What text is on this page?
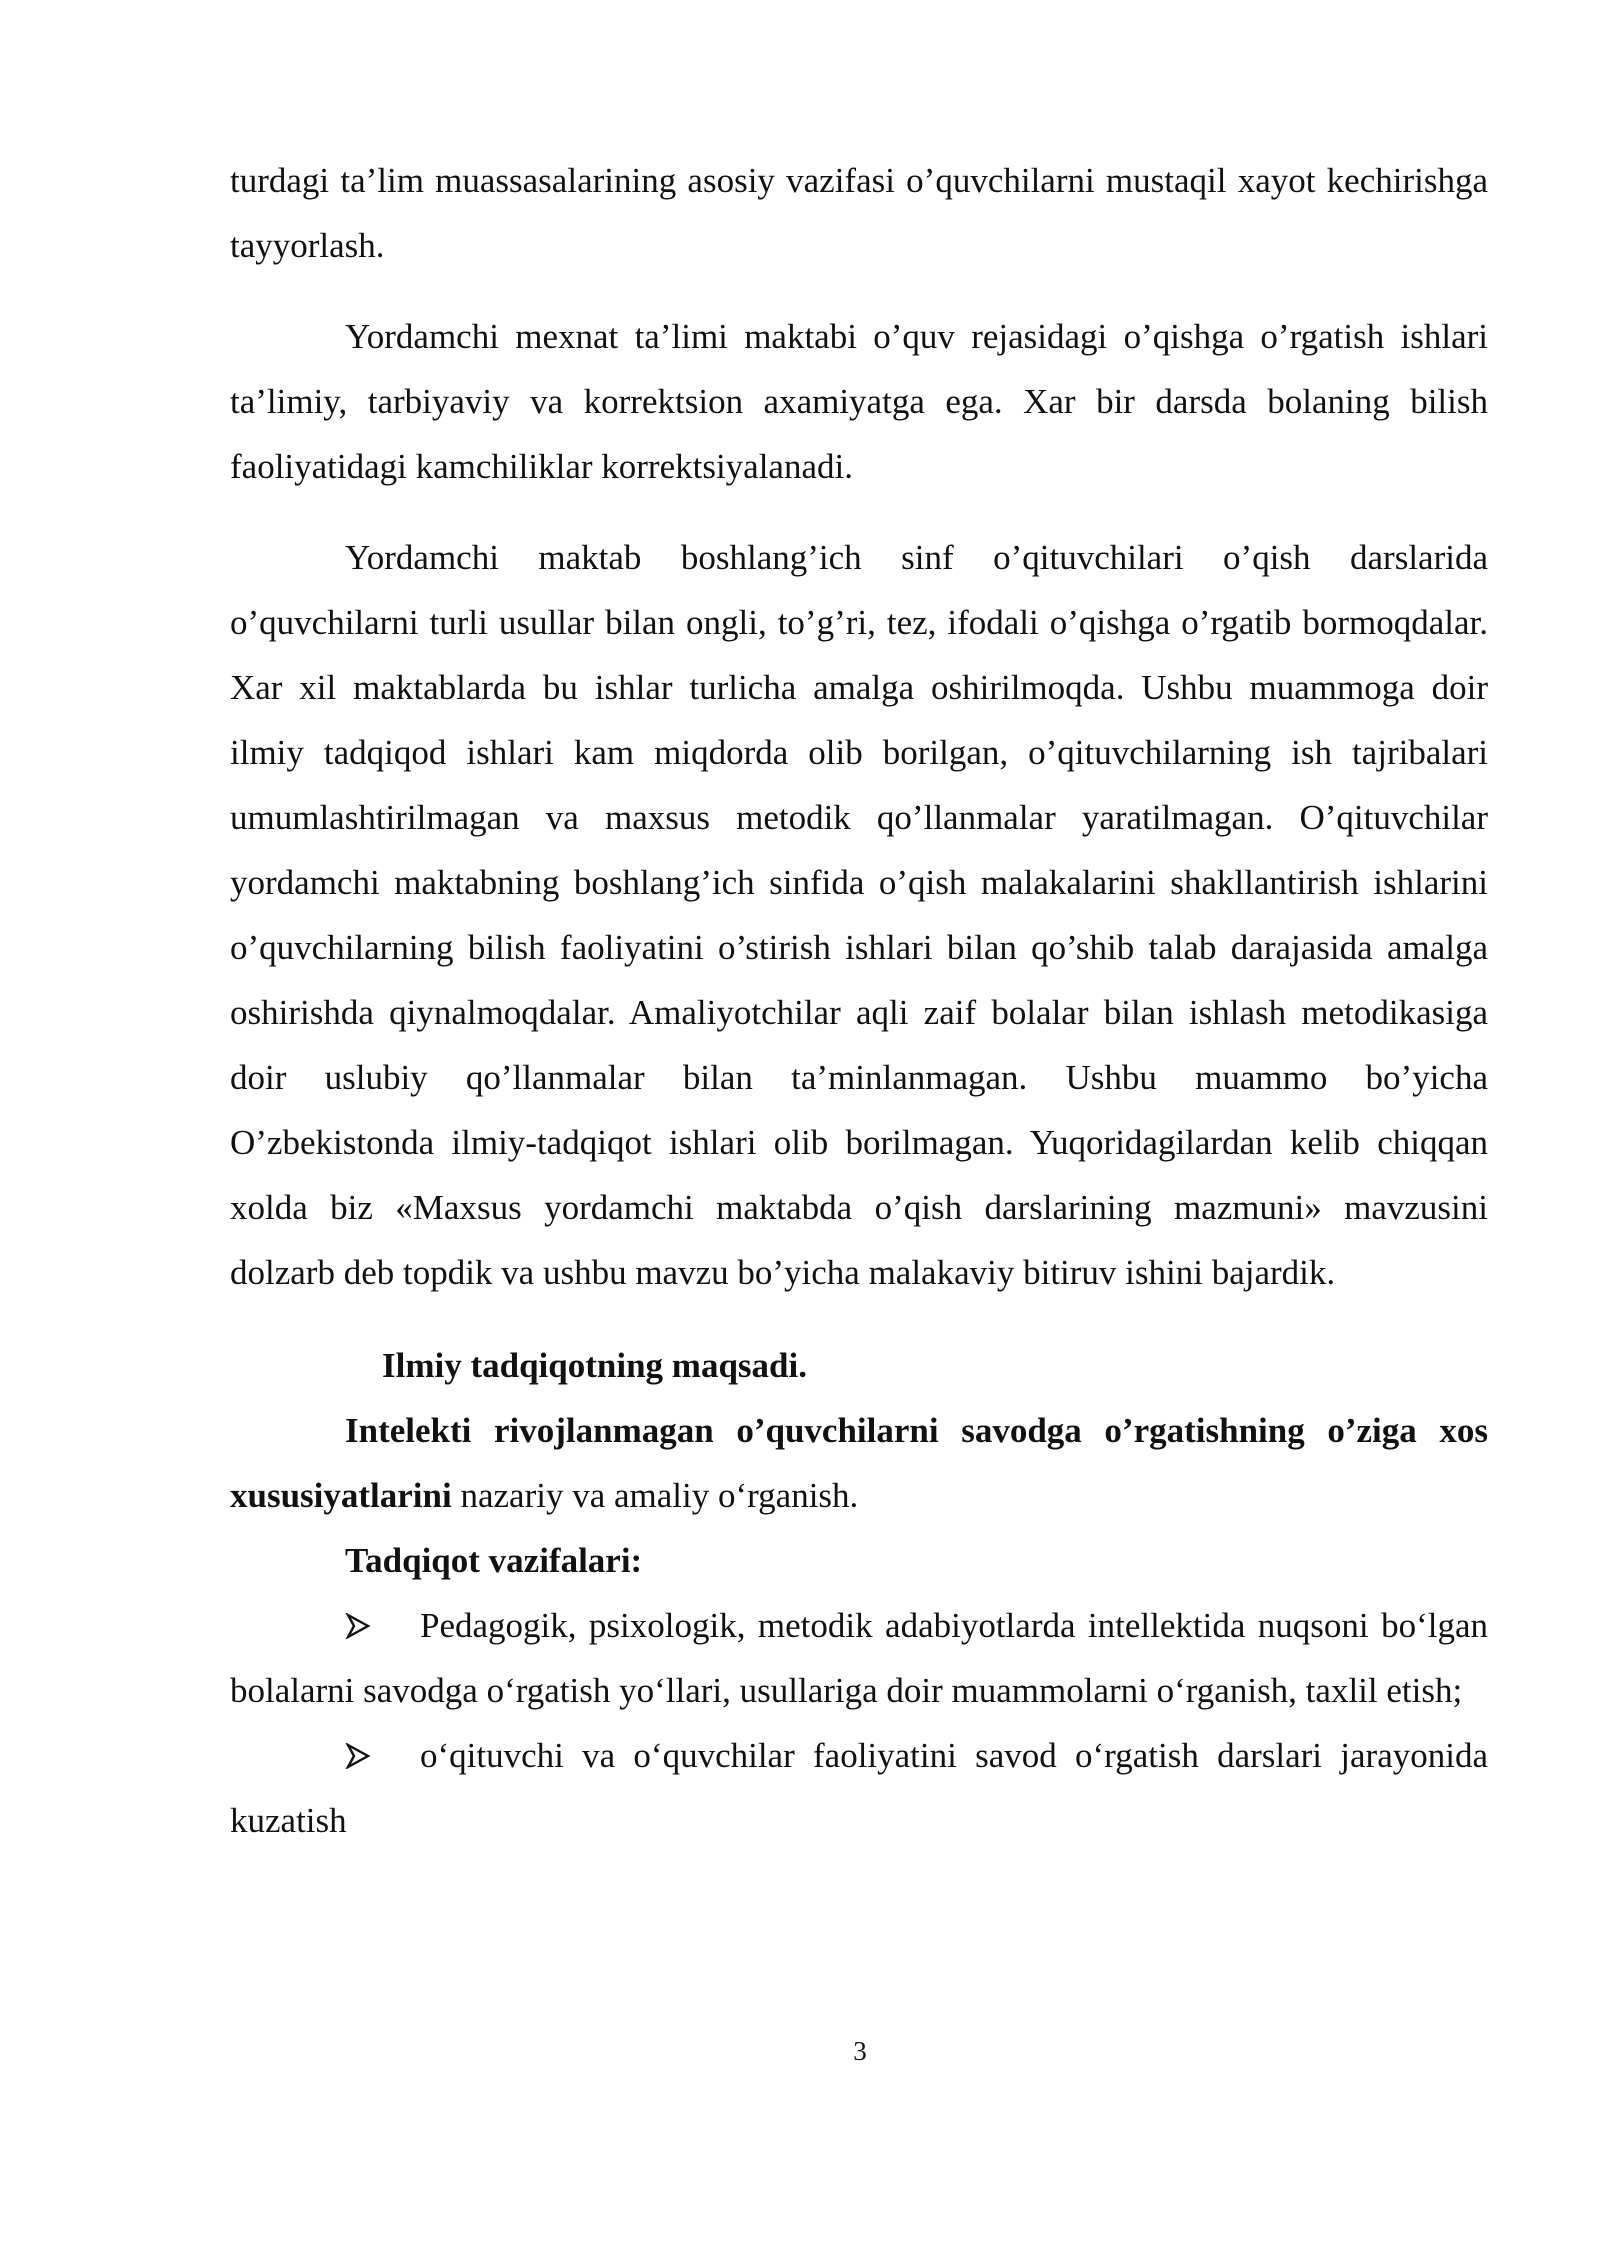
turdagi ta’lim muassasalarining asosiy vazifasi o’quvchilarni mustaqil xayot kechirishga tayyorlash.

Yordamchi mexnat ta’limi maktabi o’quv rejasidagi o’qishga o’rgatish ishlari ta’limiy, tarbiyaviy va korrektsion axamiyatga ega. Xar bir darsda bolaning bilish faoliyatidagi kamchiliklar korrektsiyalanadi.

Yordamchi maktab boshlang’ich sinf o’qituvchilari o’qish darslarida o’quvchilarni turli usullar bilan ongli, to’g’ri, tez, ifodali o’qishga o’rgatib bormoqdalar. Xar xil maktablarda bu ishlar turlicha amalga oshirilmoqda. Ushbu muammoga doir ilmiy tadqiqod ishlari kam miqdorda olib borilgan, o’qituvchilarning ish tajribalari umumlashtirilmagan va maxsus metodik qo’llanmalar yaratilmagan. O’qituvchilar yordamchi maktabning boshlang’ich sinfida o’qish malakalarini shakllantirish ishlarini o’quvchilarning bilish faoliyatini o’stirish ishlari bilan qo’shib talab darajasida amalga oshirishda qiynalmoqdalar. Amaliyotchilar aqli zaif bolalar bilan ishlash metodikasiga doir uslubiy qo’llanmalar bilan ta’minlanmagan. Ushbu muammo bo’yicha O’zbekistonda ilmiy-tadqiqot ishlari olib borilmagan. Yuqoridagilardan kelib chiqqan xolda biz «Maxsus yordamchi maktabda o’qish darslarining mazmuni» mavzusini dolzarb deb topdik va ushbu mavzu bo’yicha malakaviy bitiruv ishini bajardik.

Ilmiy tadqiqotning maqsadi.

Intelekti rivojlanmagan o’quvchilarni savodga o’rgatishning o’ziga xos xususiyatlarini nazariy va amaliy o‘rganish.

Tadqiqot vazifalari:

Pedagogik, psixologik, metodik adabiyotlarda intellektida nuqsoni bo‘lgan bolalarni savodga o‘rgatish yo‘llari, usullariga doir muammolarni o‘rganish, taxlil etish;

o‘qituvchi va o‘quvchilar faoliyatini savod o‘rgatish darslari jarayonida kuzatish

3
